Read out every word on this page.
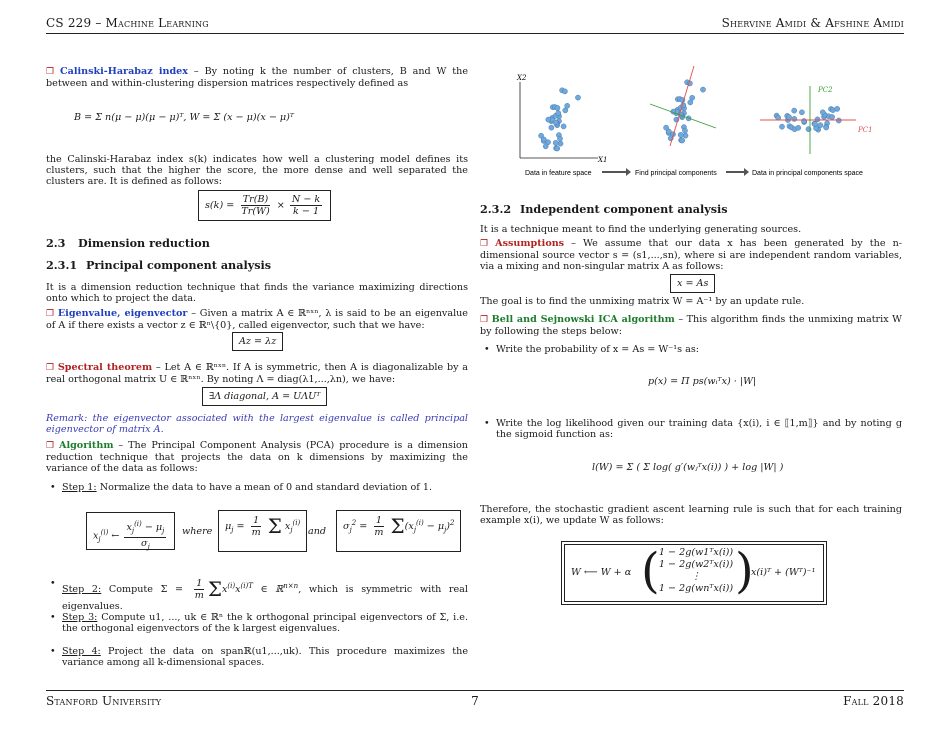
CS 229 – Machine Learning	Shervine Amidi & Afshine Amidi
❐ Calinski-Harabaz index – By noting k the number of clusters, B and W the between and within-clustering dispersion matrices respectively defined as
B = Σ n(μ − μ)(μ − μ)ᵀ, W = Σ (x − μ)(x − μ)ᵀ
the Calinski-Harabaz index s(k) indicates how well a clustering model defines its clusters, such that the higher the score, the more dense and well separated the clusters are. It is defined as follows:
$s(k) = \frac{Tr(B)}{Tr(W)} \times \frac{N - k}{k - 1}$
2.3 Dimension reduction
2.3.1 Principal component analysis
It is a dimension reduction technique that finds the variance maximizing directions onto which to project the data.
❐ Eigenvalue, eigenvector – Given a matrix A ∈ ℝⁿˣⁿ, λ is said to be an eigenvalue of A if there exists a vector z ∈ ℝⁿ\{0}, called eigenvector, such that we have:
Az = λz
❐ Spectral theorem – Let A ∈ ℝⁿˣⁿ. If A is symmetric, then A is diagonalizable by a real orthogonal matrix U ∈ ℝⁿˣⁿ. By noting Λ = diag(λ1,...,λn), we have:
∃Λ diagonal, A = UΛUᵀ
Remark: the eigenvector associated with the largest eigenvalue is called principal eigenvector of matrix A.
❐ Algorithm – The Principal Component Analysis (PCA) procedure is a dimension reduction technique that projects the data on k dimensions by maximizing the variance of the data as follows:
• Step 1: Normalize the data to have a mean of 0 and standard deviation of 1.
$x_j^{(i)}$ ← $\frac{x_j^{(i)} - \mu_j}{\sigma_j}$ where	$\mu_j = \frac{1}{m}$ Σ $x_j^{(i)}$
and	$\sigma_j^2 = \frac{1}{m} \Sigma(x_j^{(i)} - \mu_j)^2$
• Step 2: Compute $\Sigma = \frac{1}{m} \Sigma x^{(i)}x^{(i)T}$ ∈ ℝ$^{n\times n}$, which is symmetric with real eigenvalues.
• Step 3: Compute u1, ..., uk ∈ ℝⁿ the k orthogonal principal eigenvectors of Σ, i.e. the orthogonal eigenvectors of the k largest eigenvalues.
• Step 4: Project the data on spanℝ(u1,...,uk). This procedure maximizes the variance among all k-dimensional spaces.
X2
X1
PC2
PC1
Data in feature space	Find principal components	Data in principal components space
2.3.2 Independent component analysis
It is a technique meant to find the underlying generating sources.
❐ Assumptions – We assume that our data x has been generated by the n-dimensional source vector s = (s1,...,sn), where si are independent random variables, via a mixing and non-singular matrix A as follows:
x = As
The goal is to find the unmixing matrix W = A⁻¹ by an update rule.
❐ Bell and Sejnowski ICA algorithm – This algorithm finds the unmixing matrix W by following the steps below:
• Write the probability of x = As = W⁻¹s as:
p(x) = Π ps(wᵢᵀx) · |W|
• Write the log likelihood given our training data {x(i), i ∈ ⟦1,m⟧} and by noting g the sigmoid function as:
l(W) = Σ ( Σ log( g′(wⱼᵀx(i)) ) + log |W| )
Therefore, the stochastic gradient ascent learning rule is such that for each training example x(i), we update W as follows:
W ⟵ W + α ( 1 − 2g(w1ᵀx(i))
1 − 2g(w2ᵀx(i))
⋮
1 − 2g(wnᵀx(i)) )
x(i)ᵀ + (Wᵀ)⁻¹
Stanford University	7	Fall 2018
